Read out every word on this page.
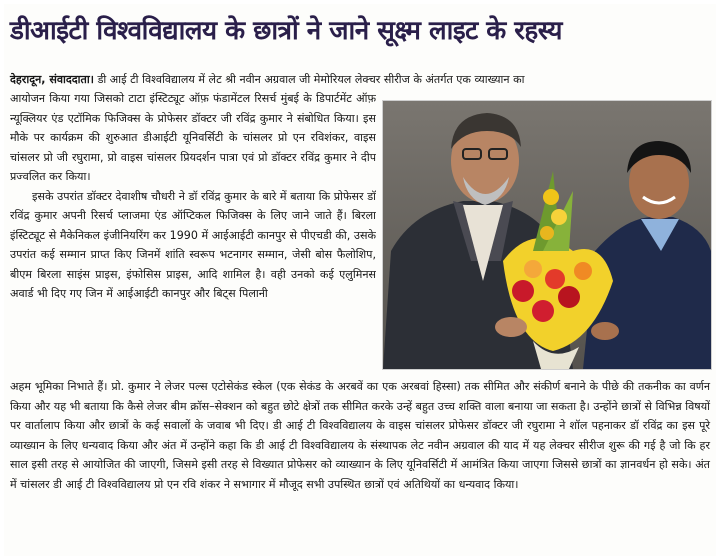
डीआईटी विश्वविद्यालय के छात्रों ने जाने सूक्ष्म लाइट के रहस्य
देहरादून, संवाददाता। डी आई टी विश्वविद्यालय में लेट श्री नवीन अग्रवाल जी मेमोरियल लेक्चर सीरीज के अंतर्गत एक व्याख्यान का

आयोजन किया गया जिसको टाटा इंस्टिट्यूट ऑफ़ फंडामेंटल रिसर्च मुंबई के डिपार्टमेंट ऑफ़ न्यूक्लियर एंड एटॉमिक फिजिक्स के प्रोफेसर डॉक्टर जी रविंद्र कुमार ने संबोधित किया। इस मौके पर कार्यक्रम की शुरुआत डीआईटी यूनिवर्सिटी के चांसलर प्रो एन रविशंकर, वाइस चांसलर प्रो जी रघुरामा, प्रो वाइस चांसलर प्रियदर्शन पात्रा एवं प्रो डॉक्टर रविंद्र कुमार ने दीप प्रज्वलित कर किया।

इसके उपरांत डॉक्टर देवाशीष चौधरी ने डॉ रविंद्र कुमार के बारे में बताया कि प्रोफेसर डॉ रविंद्र कुमार अपनी रिसर्च प्लाजमा एंड ऑप्टिकल फिजिक्स के लिए जाने जाते हैं। बिरला इंस्टिट्यूट से मैकेनिकल इंजीनियरिंग कर 1990 में आईआईटी कानपुर से पीएचडी की, उसके उपरांत कई सम्मान प्राप्त किए जिनमें शांति स्वरूप भटनागर सम्मान, जेसी बोस फैलोशिप, बीएम बिरला साइंस प्राइस, इंफोसिस प्राइस, आदि शामिल है। वही उनको कई एलुमिनस अवार्ड भी दिए गए जिन में आईआईटी कानपुर और बिट्स पिलानी

अहम भूमिका निभाते हैं। प्रो. कुमार ने लेजर पल्स एटोसेकंड स्केल (एक सेकंड के अरबवें का एक अरबवां हिस्सा) तक सीमित और संकीर्ण बनाने के पीछे की तकनीक का वर्णन किया और यह भी बताया कि कैसे लेजर बीम क्रॉस–सेक्शन को बहुत छोटे क्षेत्रों तक सीमित करके उन्हें बहुत उच्च शक्ति वाला बनाया जा सकता है। उन्होंने छात्रों से विभिन्न विषयों पर वार्तालाप किया और छात्रों के कई सवालों के जवाब भी दिए। डी आई टी विश्वविद्यालय के वाइस चांसलर प्रोफेसर डॉक्टर जी रघुरामा ने शॉल पहनाकर डॉ रविंद्र का इस पूरे व्याख्यान के लिए धन्यवाद किया और अंत में उन्होंने कहा कि डी आई टी विश्वविद्यालय के संस्थापक लेट नवीन अग्रवाल की याद में यह लेक्चर सीरीज शुरू की गई है जो कि हर साल इसी तरह से आयोजित की जाएगी, जिसमे इसी तरह से विख्यात प्रोफेसर को व्याख्यान के लिए यूनिवर्सिटी में आमंत्रित किया जाएगा जिससे छात्रों का ज्ञानवर्धन हो सके। अंत में चांसलर डी आई टी विश्वविद्यालय प्रो एन रवि शंकर ने सभागार में मौजूद सभी उपस्थित छात्रों एवं अतिथियों का धन्यवाद किया।
